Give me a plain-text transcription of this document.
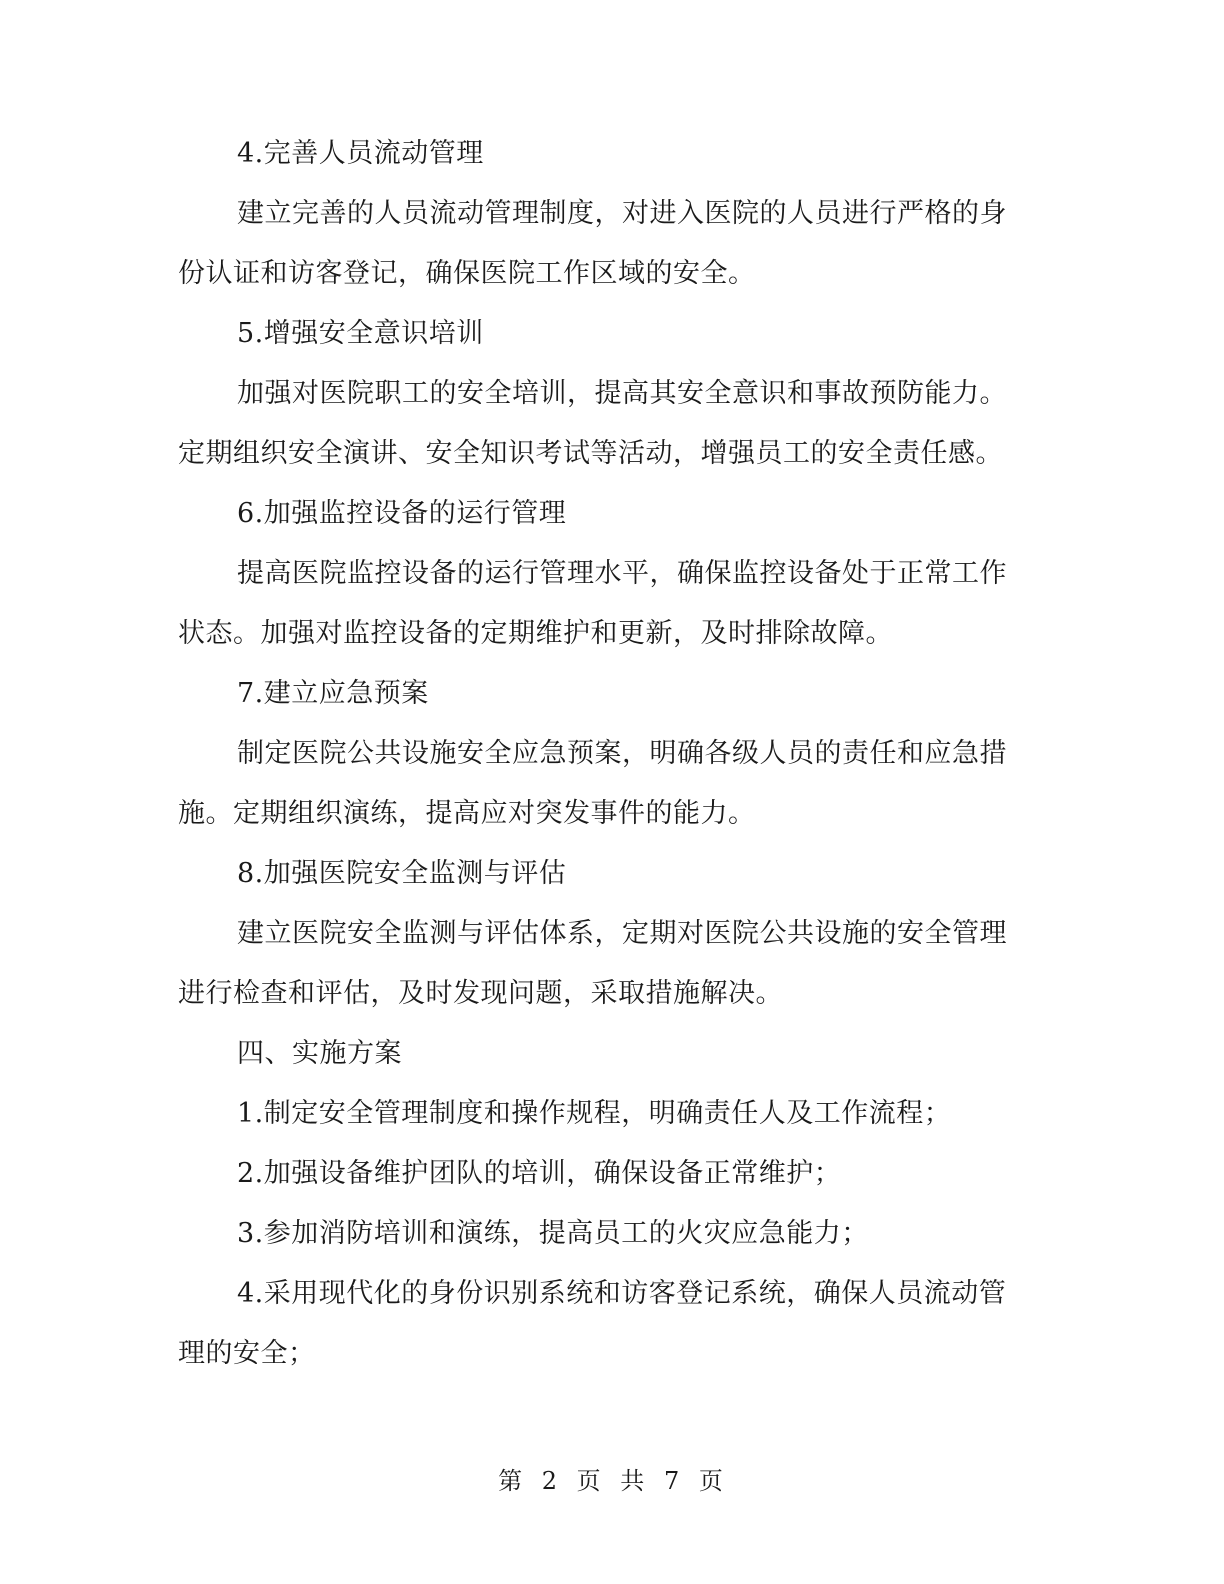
4.完善人员流动管理
建立完善的人员流动管理制度，对进入医院的人员进行严格的身
份认证和访客登记，确保医院工作区域的安全。
5.增强安全意识培训
加强对医院职工的安全培训，提高其安全意识和事故预防能力。
定期组织安全演讲、安全知识考试等活动，增强员工的安全责任感。
6.加强监控设备的运行管理
提高医院监控设备的运行管理水平，确保监控设备处于正常工作
状态。加强对监控设备的定期维护和更新，及时排除故障。
7.建立应急预案
制定医院公共设施安全应急预案，明确各级人员的责任和应急措
施。定期组织演练，提高应对突发事件的能力。
8.加强医院安全监测与评估
建立医院安全监测与评估体系，定期对医院公共设施的安全管理
进行检查和评估，及时发现问题，采取措施解决。
四、实施方案
1.制定安全管理制度和操作规程，明确责任人及工作流程；
2.加强设备维护团队的培训，确保设备正常维护；
3.参加消防培训和演练，提高员工的火灾应急能力；
4.采用现代化的身份识别系统和访客登记系统，确保人员流动管
理的安全；
第 2 页 共 7 页
